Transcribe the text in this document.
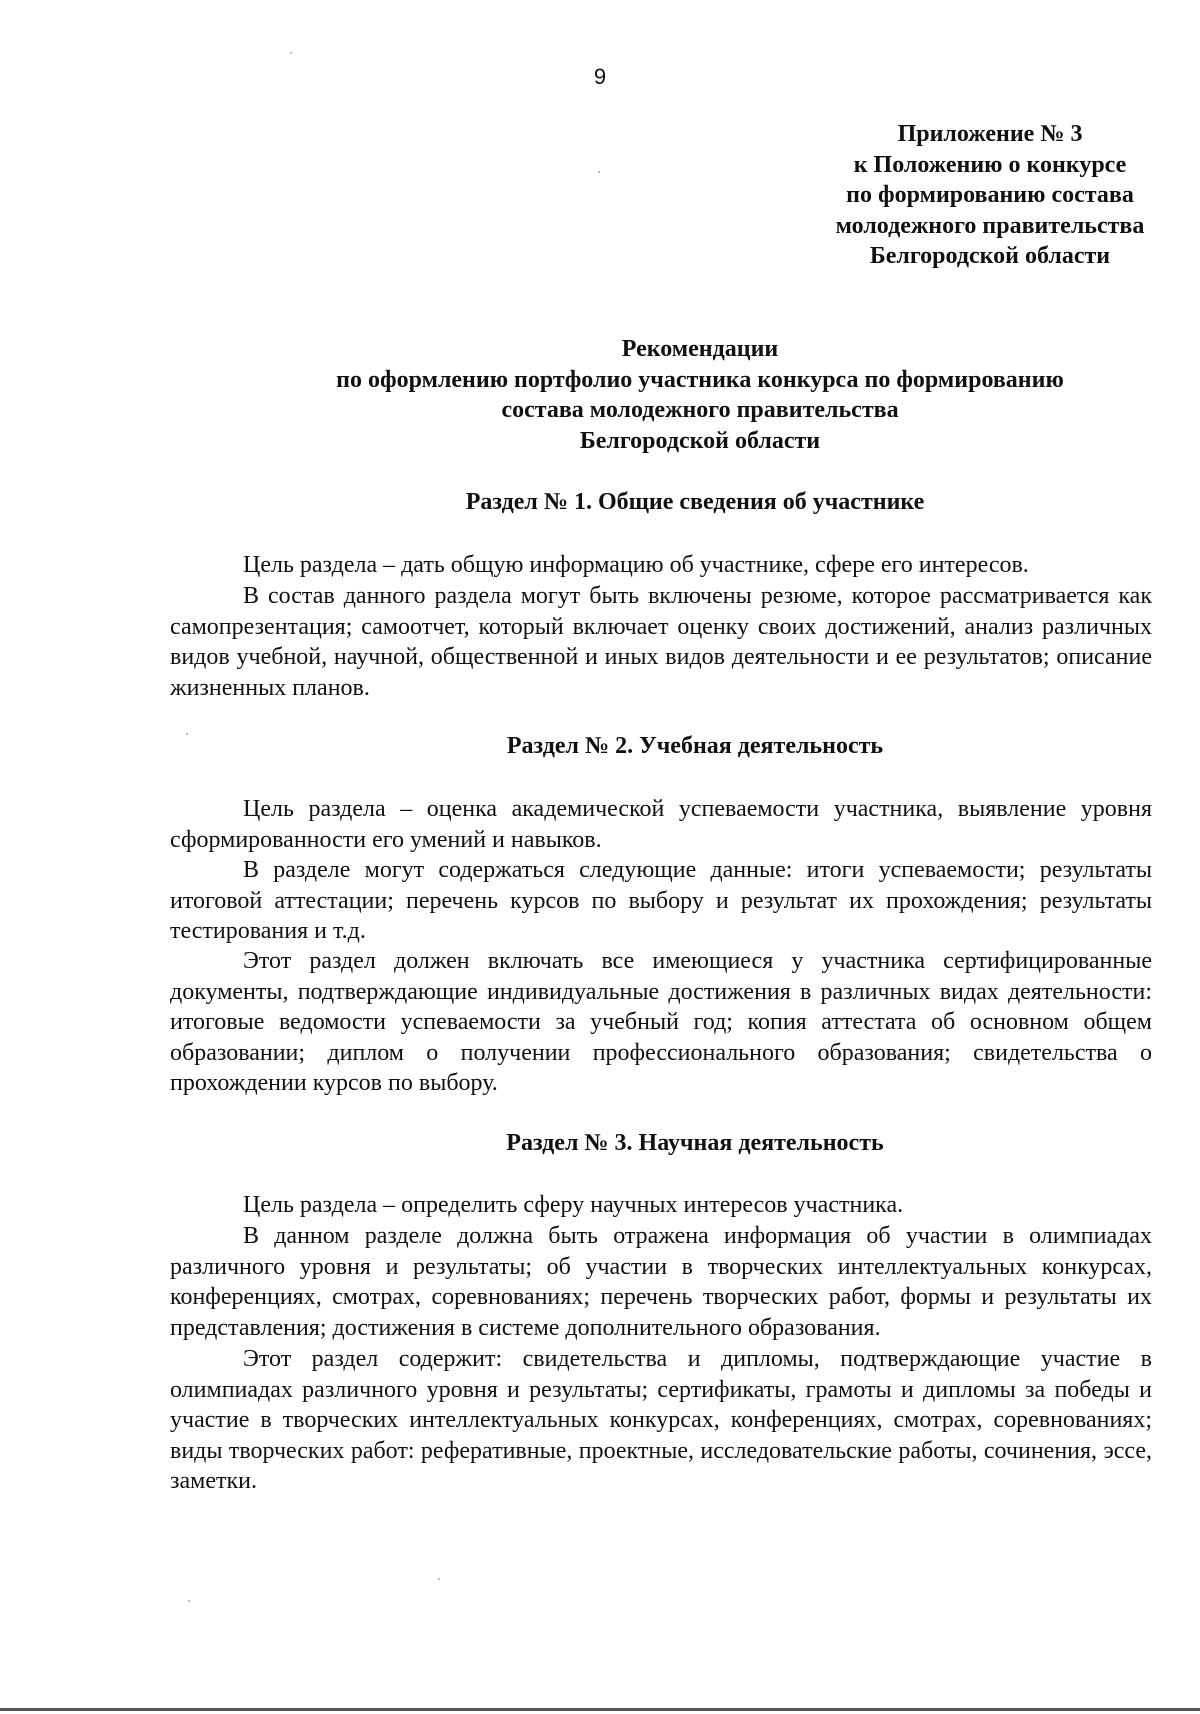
9
Приложение № 3
к Положению о конкурсе
по формированию состава
молодежного правительства
Белгородской области
Рекомендации
по оформлению портфолио участника конкурса по формированию
состава молодежного правительства
Белгородской области
Раздел № 1. Общие сведения об участнике

Цель раздела – дать общую информацию об участнике, сфере его интересов.

В состав данного раздела могут быть включены резюме, которое рассматривается как самопрезентация; самоотчет, который включает оценку своих достижений, анализ различных видов учебной, научной, общественной и иных видов деятельности и ее результатов; описание жизненных планов.

Раздел № 2. Учебная деятельность

Цель раздела – оценка академической успеваемости участника, выявление уровня сформированности его умений и навыков.

В разделе могут содержаться следующие данные: итоги успеваемости; результаты итоговой аттестации; перечень курсов по выбору и результат их прохождения; результаты тестирования и т.д.

Этот раздел должен включать все имеющиеся у участника сертифицированные документы, подтверждающие индивидуальные достижения в различных видах деятельности: итоговые ведомости успеваемости за учебный год; копия аттестата об основном общем образовании; диплом о получении профессионального образования; свидетельства о прохождении курсов по выбору.

Раздел № 3. Научная деятельность

Цель раздела – определить сферу научных интересов участника.

В данном разделе должна быть отражена информация об участии в олимпиадах различного уровня и результаты; об участии в творческих интеллектуальных конкурсах, конференциях, смотрах, соревнованиях; перечень творческих работ, формы и результаты их представления; достижения в системе дополнительного образования.

Этот раздел содержит: свидетельства и дипломы, подтверждающие участие в олимпиадах различного уровня и результаты; сертификаты, грамоты и дипломы за победы и участие в творческих интеллектуальных конкурсах, конференциях, смотрах, соревнованиях; виды творческих работ: реферативные, проектные, исследовательские работы, сочинения, эссе, заметки.
